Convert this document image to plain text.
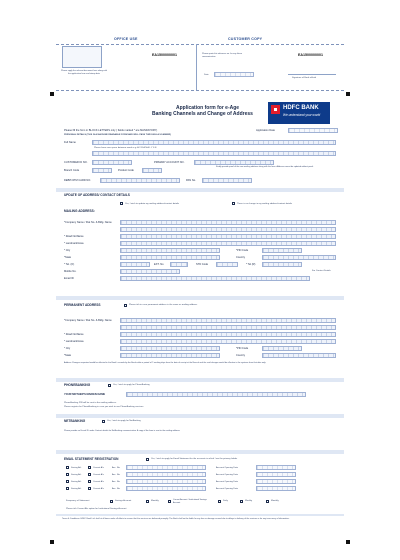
OFFICE USE	CUSTOMER COPY
Please apply the relevant document here along with the application form and stamp date
EA1500000001	Please quote this reference no. for any future communication	EA1500000001
Date
Signature of Bank official
Application form for e-Age
Banking Channels and Change of Address
HDFC BANK
We understand your world
Please fill the form in BLOCK LETTERS only ( fields marked * are MANDATORY)
PERSONAL DETAILS (THIS IS A MACHINE READABLE FORM AND WILL PASS THROUGH A SCANNER)
Application Date
Full Name
Please leave one space between words e.g. A V R A N A L Y S E
CUSTOMER ID NO.	PRIMARY ACCOUNT NO.
Kindly provide proof of the new mailing address along with the form. Address cannot be updated without proof.
Branch Code	Product Code
DEBIT/ATM CARD NO.	PAN No.
UPDATE OF ADDRESS/ CONTACT DETAILS
MAILING ADDRESS:
Yes, I wish to update my mailing address/contact details	There is no change in my mailing address/contact details
*Company Name / Flat No. & Bldg. Name
* Road No/Name
* Landmark/Area
* City	*PIN Code
*State	Country
* Tel. (O)	EXT. No	STD Code	* Tel (R)
Mobile No.
Email ID
For Contact Details
PERMANENT ADDRESS	Please tick in case permanent address is the same as mailing address
*Company Name / Flat No. & Bldg. Name
* Road No/Name
* Landmark/Area
* City	*PIN Code
*State	Country
Address Changes requested would be effected in the Bank's records by the Bank within a period of 7 working days from the date of receipt at the Branch and the said changes would be effective in the systems from that date only.
PHONEBANKING	Yes, I wish to apply for PhoneBanking
YOUR MOTHER'S MAIDEN NAME
PhoneBanking PIN will be sent to the mailing address.
Please register for PhoneBanking in case you wish to use PhoneBanking services.
NETBANKING	Yes, I wish to apply for NetBanking
Please provide an E-mail ID under Contact details for NetBanking communication. A copy of the form is sent to the mailing address.
EMAIL STATEMENT REGISTRATION	Yes, I wish to apply for Email Statement for the accounts in which I am the primary holder
Saving A/c	Current A/c	Acc. No.	Account Opening Date
Saving A/c	Current A/c	Acc. No.	Account Opening Date
Saving A/c	Current A/c	Acc. No.	Account Opening Date
Saving A/c	Current A/c	Acc. No.	Account Opening Date
Frequency of Statement	Savings Account	Monthly	Current Account / Institutional Savings Account
Daily	Weekly	Monthly
Please tick Current A/c option for Institutional Savings Account
Terms & Conditions: HDFC Bank Ltd. shall at all times make all efforts to ensure that the services are delivered promptly. The Bank shall not be liable for any loss or damage caused due to delays in delivery of the services or for any inaccuracy of information.
